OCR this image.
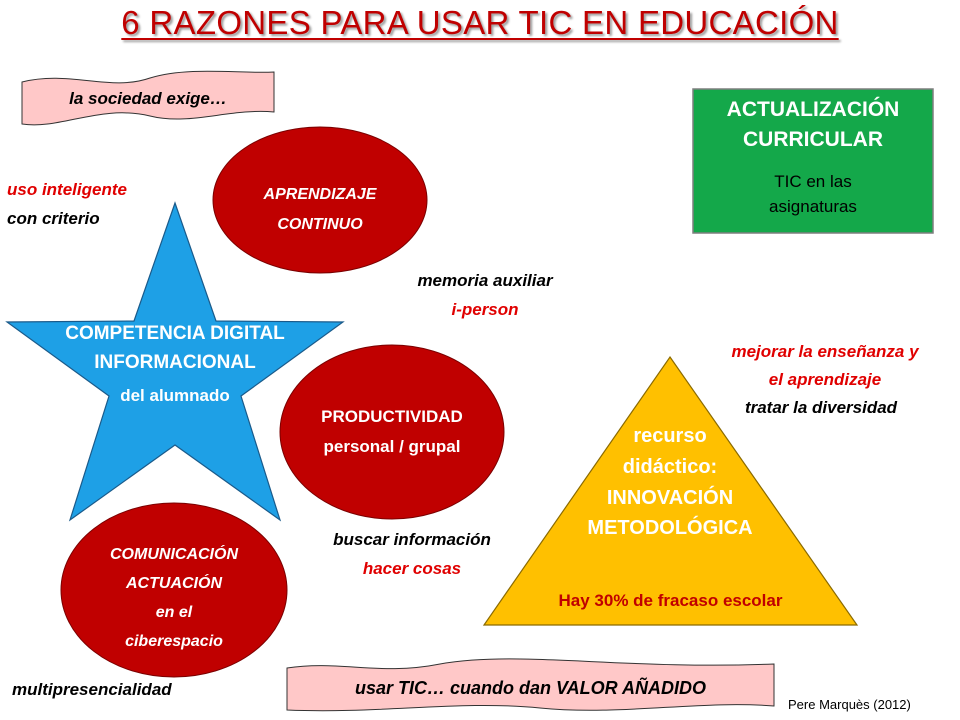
6 RAZONES PARA USAR TIC EN EDUCACIÓN
la sociedad exige…	ACTUALIZACIÓN
CURRICULAR
TIC en las
asignaturas
uso inteligente
con criterio
COMPETENCIA DIGITAL
INFORMACIONAL
del alumnado
APRENDIZAJE
CONTINUO
memoria auxiliar
i-person
PRODUCTIVIDAD
personal / grupal
buscar información
hacer cosas
COMUNICACIÓN
ACTUACIÓN
en el
ciberespacio
multipresencialidad
mejorar la enseñanza y
el aprendizaje
tratar la diversidad
recurso
didáctico:
INNOVACIÓN
METODOLÓGICA
Hay 30% de fracaso escolar
usar TIC… cuando dan VALOR AÑADIDO
Pere Marquès (2012)
